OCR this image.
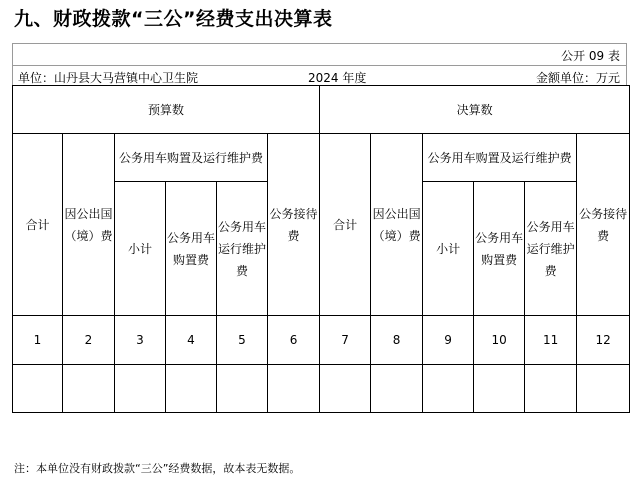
九、财政拨款“三公”经费支出决算表
公开 09 表
单位：山丹县大马营镇中心卫生院	2024 年度	金额单位：万元
预算数						决算数					
合计	因公出国（境）费	公务用车购置及运行维护费			公务接待费	合计	因公出国（境）费	公务用车购置及运行维护费			公务接待费
		小计	公务用车购置费	公务用车运行维护费				小计	公务用车购置费	公务用车运行维护费	
1	2	3	4	5	6	7	8	9	10	11	12

注：本单位没有财政拨款“三公”经费数据，故本表无数据。
